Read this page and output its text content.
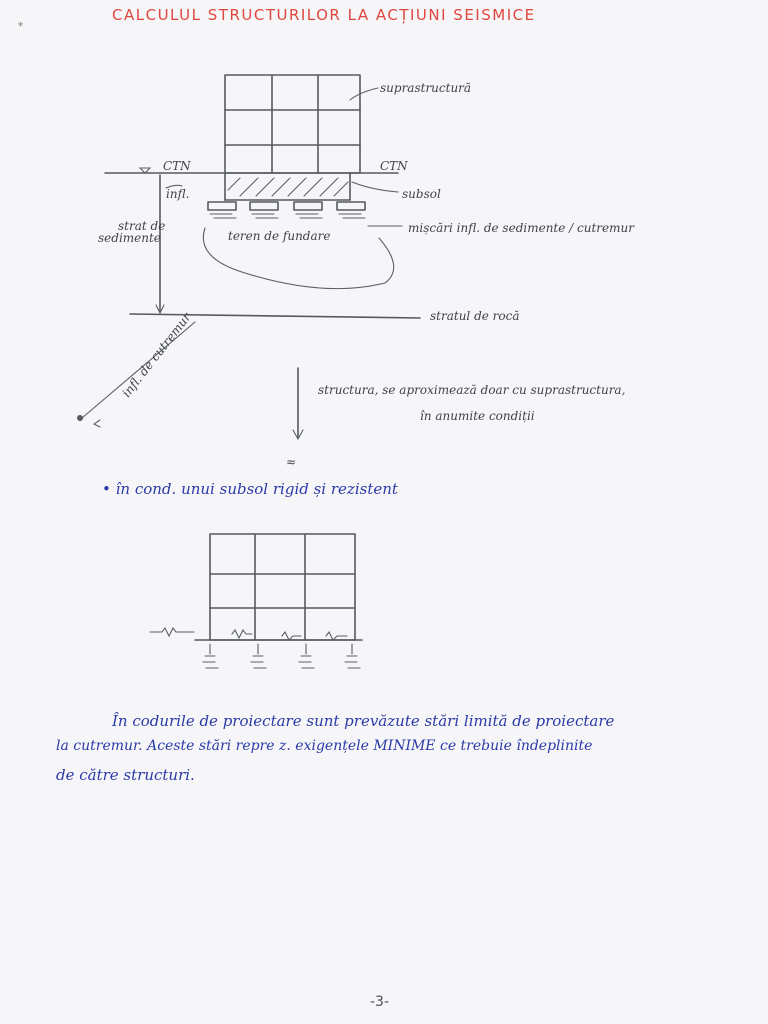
⁎	CALCULUL STRUCTURILOR LA ACȚIUNI SEISMICE
suprastructură
CTN	CTN
subsol
infl.
teren de fundare
mișcări infl. de sedimente / cutremur
strat de
sedimente
stratul de rocă
infl. de cutremur	structura, se aproximează doar cu suprastructura,
în anumite condiții
≈
• în cond. unui subsol rigid și rezistent
În codurile de proiectare sunt prevăzute stări limită de proiectare
la cutremur. Aceste stări repre z. exigențele MINIME ce trebuie îndeplinite
de către structuri.
-3-
